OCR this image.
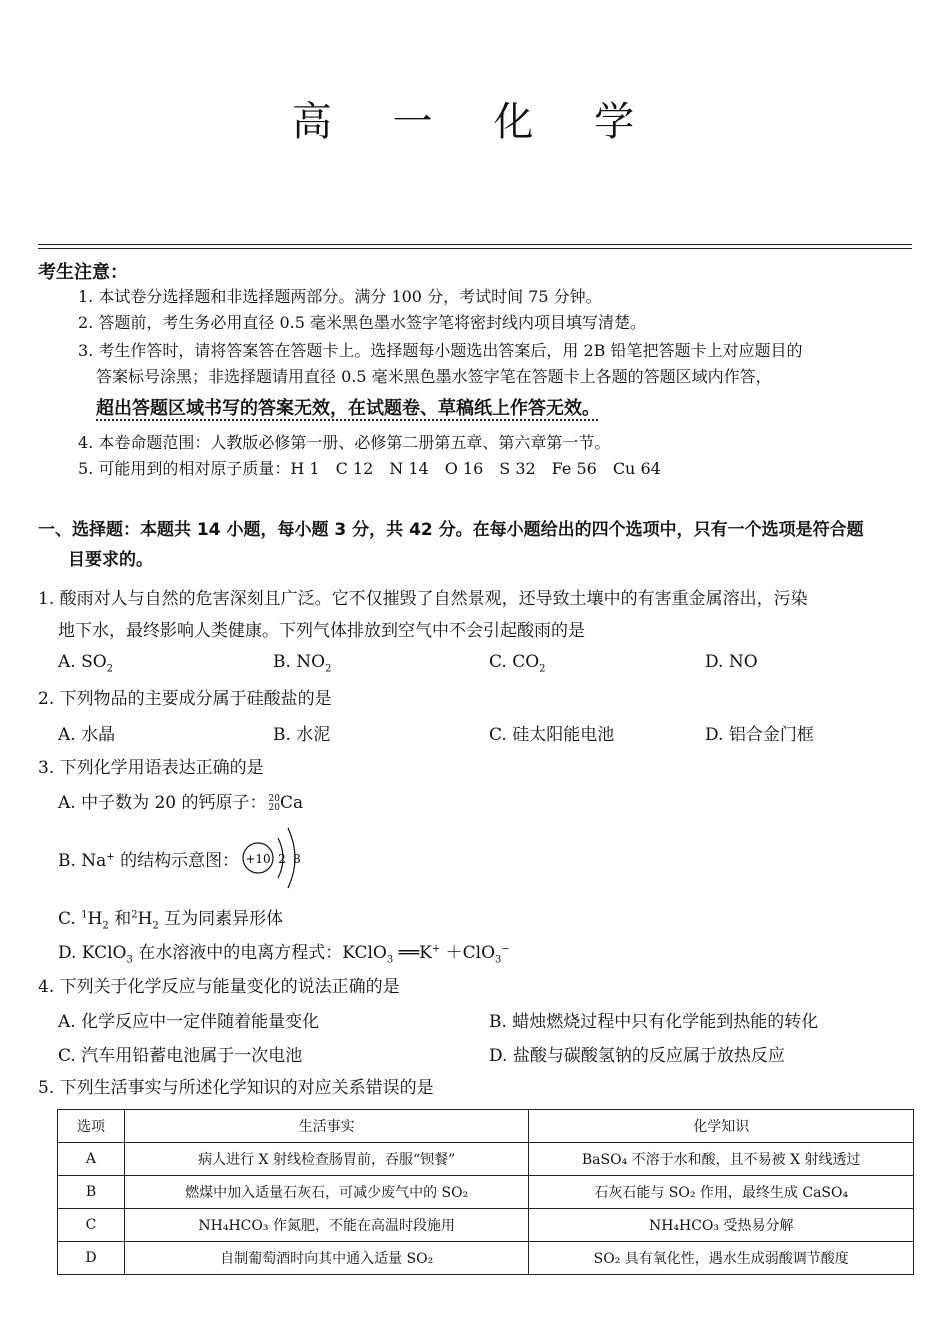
高 一 化 学
考生注意：
1. 本试卷分选择题和非选择题两部分。满分 100 分，考试时间 75 分钟。
2. 答题前，考生务必用直径 0.5 毫米黑色墨水签字笔将密封线内项目填写清楚。
3. 考生作答时，请将答案答在答题卡上。选择题每小题选出答案后，用 2B 铅笔把答题卡上对应题目的
答案标号涂黑；非选择题请用直径 0.5 毫米黑色墨水签字笔在答题卡上各题的答题区域内作答，
超出答题区域书写的答案无效，在试题卷、草稿纸上作答无效。
4. 本卷命题范围：人教版必修第一册、必修第二册第五章、第六章第一节。
5. 可能用到的相对原子质量：H 1　C 12　N 14　O 16　S 32　Fe 56　Cu 64
一、选择题：本题共 14 小题，每小题 3 分，共 42 分。在每小题给出的四个选项中，只有一个选项是符合题
目要求的。
1. 酸雨对人与自然的危害深刻且广泛。它不仅摧毁了自然景观，还导致土壤中的有害重金属溶出，污染
地下水，最终影响人类健康。下列气体排放到空气中不会引起酸雨的是
A. $SO_2$	B. $NO_2$	C. $CO_2$	D. NO
2. 下列物品的主要成分属于硅酸盐的是
A. 水晶	B. 水泥	C. 硅太阳能电池	D. 铝合金门框
3. 下列化学用语表达正确的是
A. 中子数为 20 的钙原子： 20
20 Ca
B. Na+ 的结构示意图： +10 2 8
C. $^1H_2$ 和$^2H_2$ 互为同素异形体
D. KClO$_3$ 在水溶液中的电离方程式：KClO$_3$ ══K+ ＋ClO$_3$−
4. 下列关于化学反应与能量变化的说法正确的是
A. 化学反应中一定伴随着能量变化	B. 蜡烛燃烧过程中只有化学能到热能的转化
C. 汽车用铅蓄电池属于一次电池	D. 盐酸与碳酸氢钠的反应属于放热反应
5. 下列生活事实与所述化学知识的对应关系错误的是
选项	生活事实	化学知识
A	病人进行 X 射线检查肠胃前，吞服“钡餐”	BaSO₄ 不溶于水和酸，且不易被 X 射线透过
B	燃煤中加入适量石灰石，可减少废气中的 SO₂	石灰石能与 SO₂ 作用，最终生成 CaSO₄
C	NH₄HCO₃ 作氮肥，不能在高温时段施用	NH₄HCO₃ 受热易分解
D	自制葡萄酒时向其中通入适量 SO₂	SO₂ 具有氧化性，遇水生成弱酸调节酸度
